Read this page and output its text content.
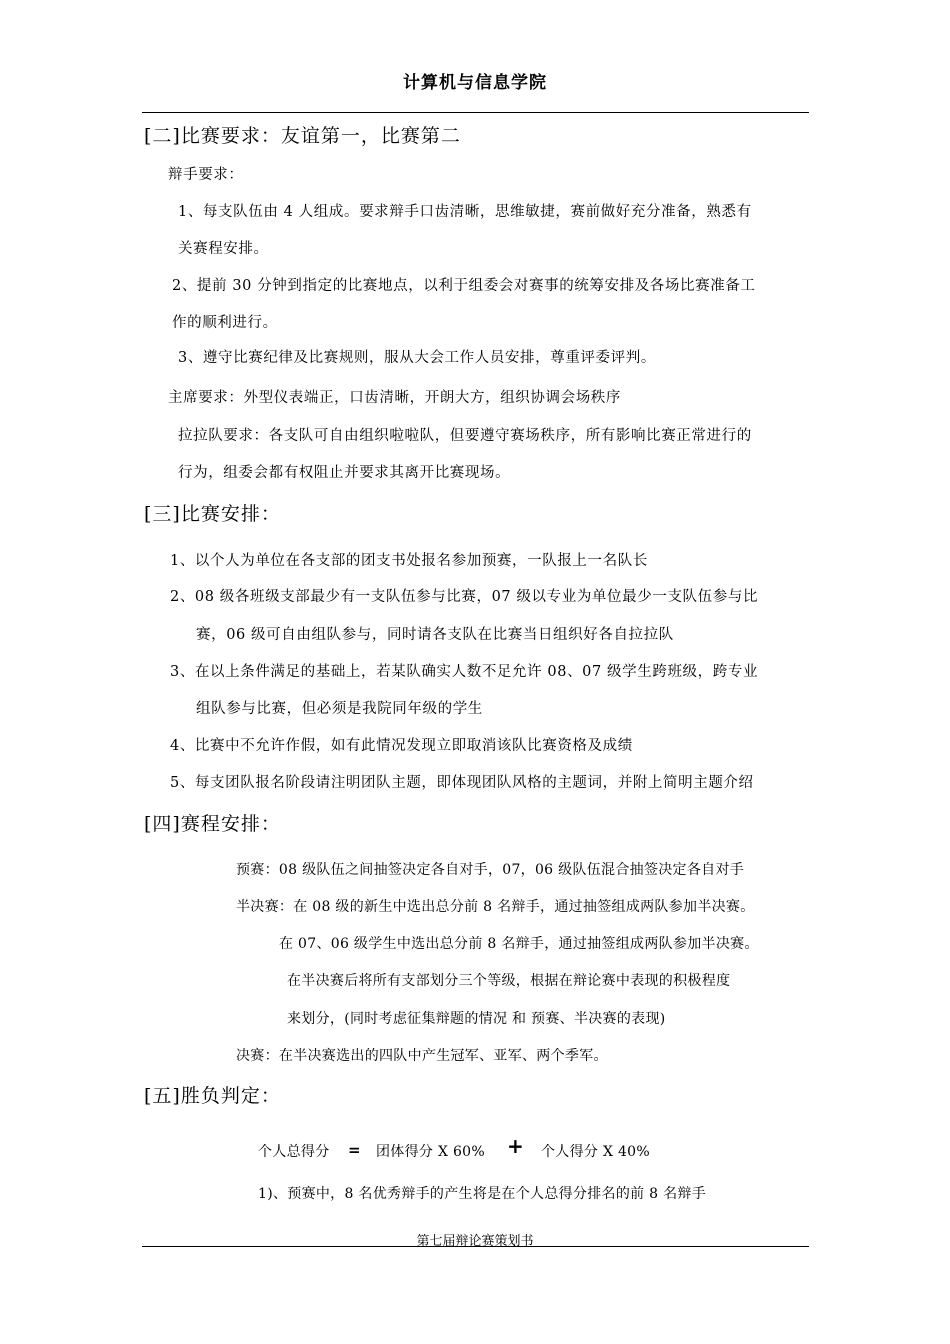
计算机与信息学院
[二]比赛要求：友谊第一，比赛第二
辩手要求：
1、每支队伍由 4 人组成。要求辩手口齿清晰，思维敏捷，赛前做好充分准备，熟悉有
关赛程安排。
2、提前 30 分钟到指定的比赛地点，以利于组委会对赛事的统筹安排及各场比赛准备工
作的顺利进行。
3、遵守比赛纪律及比赛规则，服从大会工作人员安排，尊重评委评判。
主席要求：外型仪表端正，口齿清晰，开朗大方，组织协调会场秩序
拉拉队要求：各支队可自由组织啦啦队，但要遵守赛场秩序，所有影响比赛正常进行的
行为，组委会都有权阻止并要求其离开比赛现场。
[三]比赛安排：
1、以个人为单位在各支部的团支书处报名参加预赛，一队报上一名队长
2、08 级各班级支部最少有一支队伍参与比赛，07 级以专业为单位最少一支队伍参与比
赛，06 级可自由组队参与，同时请各支队在比赛当日组织好各自拉拉队
3、在以上条件满足的基础上，若某队确实人数不足允许 08、07 级学生跨班级，跨专业
组队参与比赛，但必须是我院同年级的学生
4、比赛中不允许作假，如有此情况发现立即取消该队比赛资格及成绩
5、每支团队报名阶段请注明团队主题，即体现团队风格的主题词，并附上简明主题介绍
[四]赛程安排：
预赛：08 级队伍之间抽签决定各自对手，07，06 级队伍混合抽签决定各自对手
半决赛：在 08 级的新生中选出总分前 8 名辩手，通过抽签组成两队参加半决赛。
在 07、06 级学生中选出总分前 8 名辩手，通过抽签组成两队参加半决赛。
在半决赛后将所有支部划分三个等级，根据在辩论赛中表现的积极程度
来划分，(同时考虑征集辩题的情况 和 预赛、半决赛的表现)
决赛：在半决赛选出的四队中产生冠军、亚军、两个季军。
[五]胜负判定：
个人总得分 = 团体得分 X 60% + 个人得分 X 40%
1)、预赛中，8 名优秀辩手的产生将是在个人总得分排名的前 8 名辩手
第七届辩论赛策划书
